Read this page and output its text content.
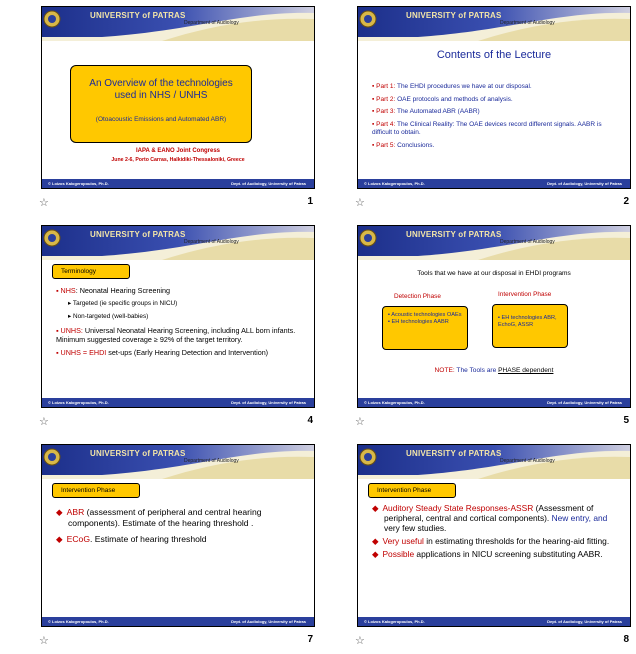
UNIVERSITY of PATRAS
Department of Audiology
An Overview of the technologies used in NHS / UNHS
(Otoacoustic Emissions and Automated ABR)
IAPA & EANO Joint Congress
June 2-6, Porto Carras, Halkidiki-Thessaloniki, Greece
© Loizos Kalogeropoulos, Ph.D.	Dept. of Audiology, University of Patras
☆	1
UNIVERSITY of PATRAS
Department of Audiology
Contents of the Lecture
▪ Part 1: The EHDI procedures we have at our disposal.
▪ Part 2: OAE protocols and methods of analysis.
▪ Part 3: The Automated ABR (AABR)
▪ Part 4: The Clinical Reality: The OAE devices record different signals. AABR is difficult to obtain.
▪ Part 5: Conclusions.
© Loizos Kalogeropoulos, Ph.D.	Dept. of Audiology, University of Patras
☆	2
UNIVERSITY of PATRAS
Department of Audiology
Terminology
▪ NHS: Neonatal Hearing Screening
▸ Targeted (ie specific groups in NICU)
▸ Non-targeted (well-babies)
▪ UNHS: Universal Neonatal Hearing Screening, including ALL born infants. Minimum suggested coverage ≥ 92% of the target territory.
▪ UNHS = EHDI set-ups (Early Hearing Detection and Intervention)
© Loizos Kalogeropoulos, Ph.D.	Dept. of Audiology, University of Patras
☆	4
UNIVERSITY of PATRAS
Department of Audiology
Tools that we have at our disposal in EHDI programs
Detection Phase	Intervention Phase
▪ Acoustic technologies OAEs
▪ EH technologies AABR
▪ EH technologies ABR, EchoG, ASSR
NOTE: The Tools are PHASE dependent
© Loizos Kalogeropoulos, Ph.D.	Dept. of Audiology, University of Patras
☆	5
UNIVERSITY of PATRAS
Department of Audiology
Intervention Phase
◆ ABR (assessment of peripheral and central hearing components). Estimate of the hearing threshold .
◆ ECoG. Estimate of hearing threshold
© Loizos Kalogeropoulos, Ph.D.	Dept. of Audiology, University of Patras
☆	7
UNIVERSITY of PATRAS
Department of Audiology
Intervention Phase
◆ Auditory Steady State Responses-ASSR (Assessment of peripheral, central and cortical components). New entry, and very few studies.
◆ Very useful in estimating thresholds for the hearing-aid fitting.
◆ Possible applications in NICU screening substituting AABR.
© Loizos Kalogeropoulos, Ph.D.	Dept. of Audiology, University of Patras
☆	8
